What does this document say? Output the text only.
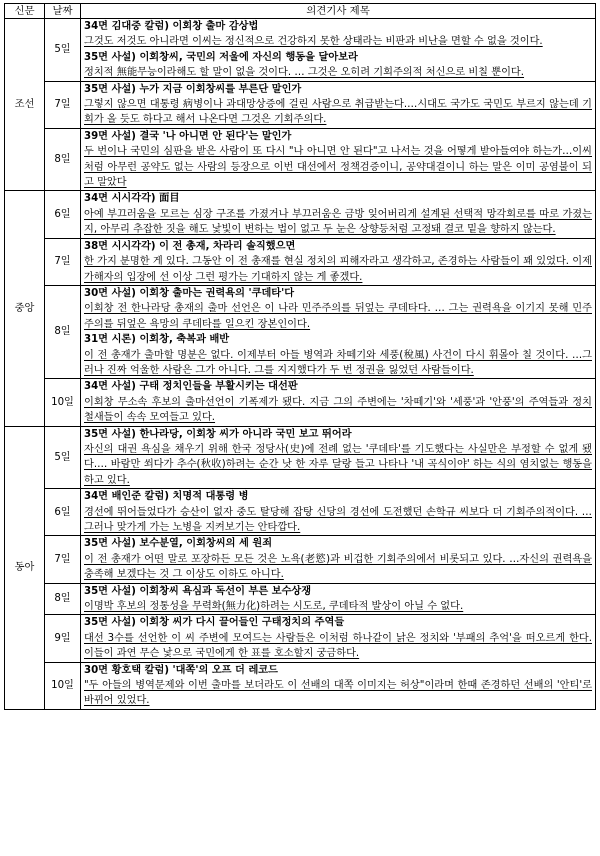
신문	날짜	의견기사 제목
조선	5일	34면 김대중 칼럼) 이회창 출마 감상법
그것도 저것도 아니라면 이씨는 정신적으로 건강하지 못한 상태라는 비판과 비난을 면할 수 없을 것이다.
35면 사설) 이회창씨, 국민의 저울에 자신의 행동을 달아보라
정치적 無能무능이라해도 할 말이 없을 것이다. … 그것은 오히려 기회주의적 처신으로 비칠 뿐이다.

	7일	35면 사설) 누가 지금 이회창씨를 부른단 말인가
그렇지 않으면 대통령 病병이나 과대망상증에 걸린 사람으로 취급받는다.…시대도 국가도 국민도 부르지 않는데 기회가 올 듯도 하다고 해서 나온다면 그것은 기회주의다.

	8일	39면 사설) 결국 '나 아니면 안 된다'는 말인가
두 번이나 국민의 심판을 받은 사람이 또 다시 "나 아니면 안 된다"고 나서는 것을 어떻게 받아들여야 하는가…이씨처럼 아무런 공약도 없는 사람의 등장으로 이번 대선에서 정책검증이니, 공약대결이니 하는 말은 이미 공염불이 되고 말았다

중앙	6일	34면 시시각각) 面目
아예 부끄러움을 모르는 심장 구조를 가졌거나 부끄러움은 금방 잊어버리게 설계된 선택적 망각회로를 따로 가졌는지, 아무리 추잡한 짓을 해도 낯빛이 변하는 법이 없고 두 눈은 상향등처럼 고정돼 결코 밑을 향하지 않는다.

	7일	38면 시시각각) 이 전 총재, 차라리 솔직했으면
한 가지 분명한 게 있다. 그동안 이 전 총재를 현실 정치의 피해자라고 생각하고, 존경하는 사람들이 꽤 있었다. 이제 가해자의 입장에 선 이상 그런 평가는 기대하지 않는 게 좋겠다.

	8일	30면 사설) 이회창 출마는 권력욕의 '쿠데타'다
이회창 전 한나라당 총재의 출마 선언은 이 나라 민주주의를 뒤엎는 쿠데타다. … 그는 권력욕을 이기지 못해 민주주의를 뒤엎은 욕망의 쿠데타를 일으킨 장본인이다.
31면 시론) 이회창, 축복과 배반
이 전 총재가 출마할 명분은 없다. 이제부터 아들 병역과 차떼기와 세풍(稅風) 사건이 다시 휘몰아 칠 것이다. …그러나 진짜 억울한 사람은 그가 아니다. 그를 지지했다가 두 번 정권을 잃었던 사람들이다.

	10일	34면 사설) 구태 정치인들을 부활시키는 대선판
이회창 무소속 후보의 출마선언이 기폭제가 됐다. 지금 그의 주변에는 '차떼기'와 '세풍'과 '안풍'의 주역들과 정치 철새들이 속속 모여들고 있다.

동아	5일	35면 사설) 한나라당, 이회창 씨가 아니라 국민 보고 뛰어라
자신의 대권 욕심을 채우기 위해 한국 정당사(史)에 전례 없는 '쿠데타'를 기도했다는 사실만은 부정할 수 없게 됐다.… 바람만 쐬다가 추수(秋收)하려는 순간 낫 한 자루 달랑 들고 나타나 '내 곡식이야' 하는 식의 염치없는 행동을 하고 있다.

	6일	34면 배인준 칼럼) 치명적 대통령 병
경선에 뛰어들었다가 승산이 없자 중도 탈당해 잡탕 신당의 경선에 도전했던 손학규 씨보다 더 기회주의적이다. …그러나 맞가게 가는 노병을 지켜보기는 안타깝다.

	7일	35면 사설) 보수분열, 이회창씨의 세 원죄
이 전 총재가 어떤 말로 포장하든 모든 것은 노욕(老慾)과 비겁한 기회주의에서 비롯되고 있다. …자신의 권력욕을 충족해 보겠다는 것 그 이상도 이하도 아니다.

	8일	35면 사설) 이회창씨 욕심과 독선이 부른 보수상쟁
이명박 후보의 정통성을 무력화(無力化)하려는 시도로, 쿠데타적 발상이 아닐 수 없다.

	9일	35면 사설) 이회창 씨가 다시 끌어들인 구태정치의 주역들
대선 3수를 선언한 이 씨 주변에 모여드는 사람들은 이처럼 하나같이 낡은 정치와 '부패의 추억'을 떠오르게 한다. 이들이 과연 무슨 낯으로 국민에게 한 표를 호소할지 궁금하다.

	10일	30면 황호택 칼럼) '대쪽'의 오프 더 레코드
"두 아들의 병역문제와 이번 출마를 보더라도 이 선배의 대쪽 이미지는 허상"이라며 한때 존경하던 선배의 '안티'로 바뀌어 있었다.
